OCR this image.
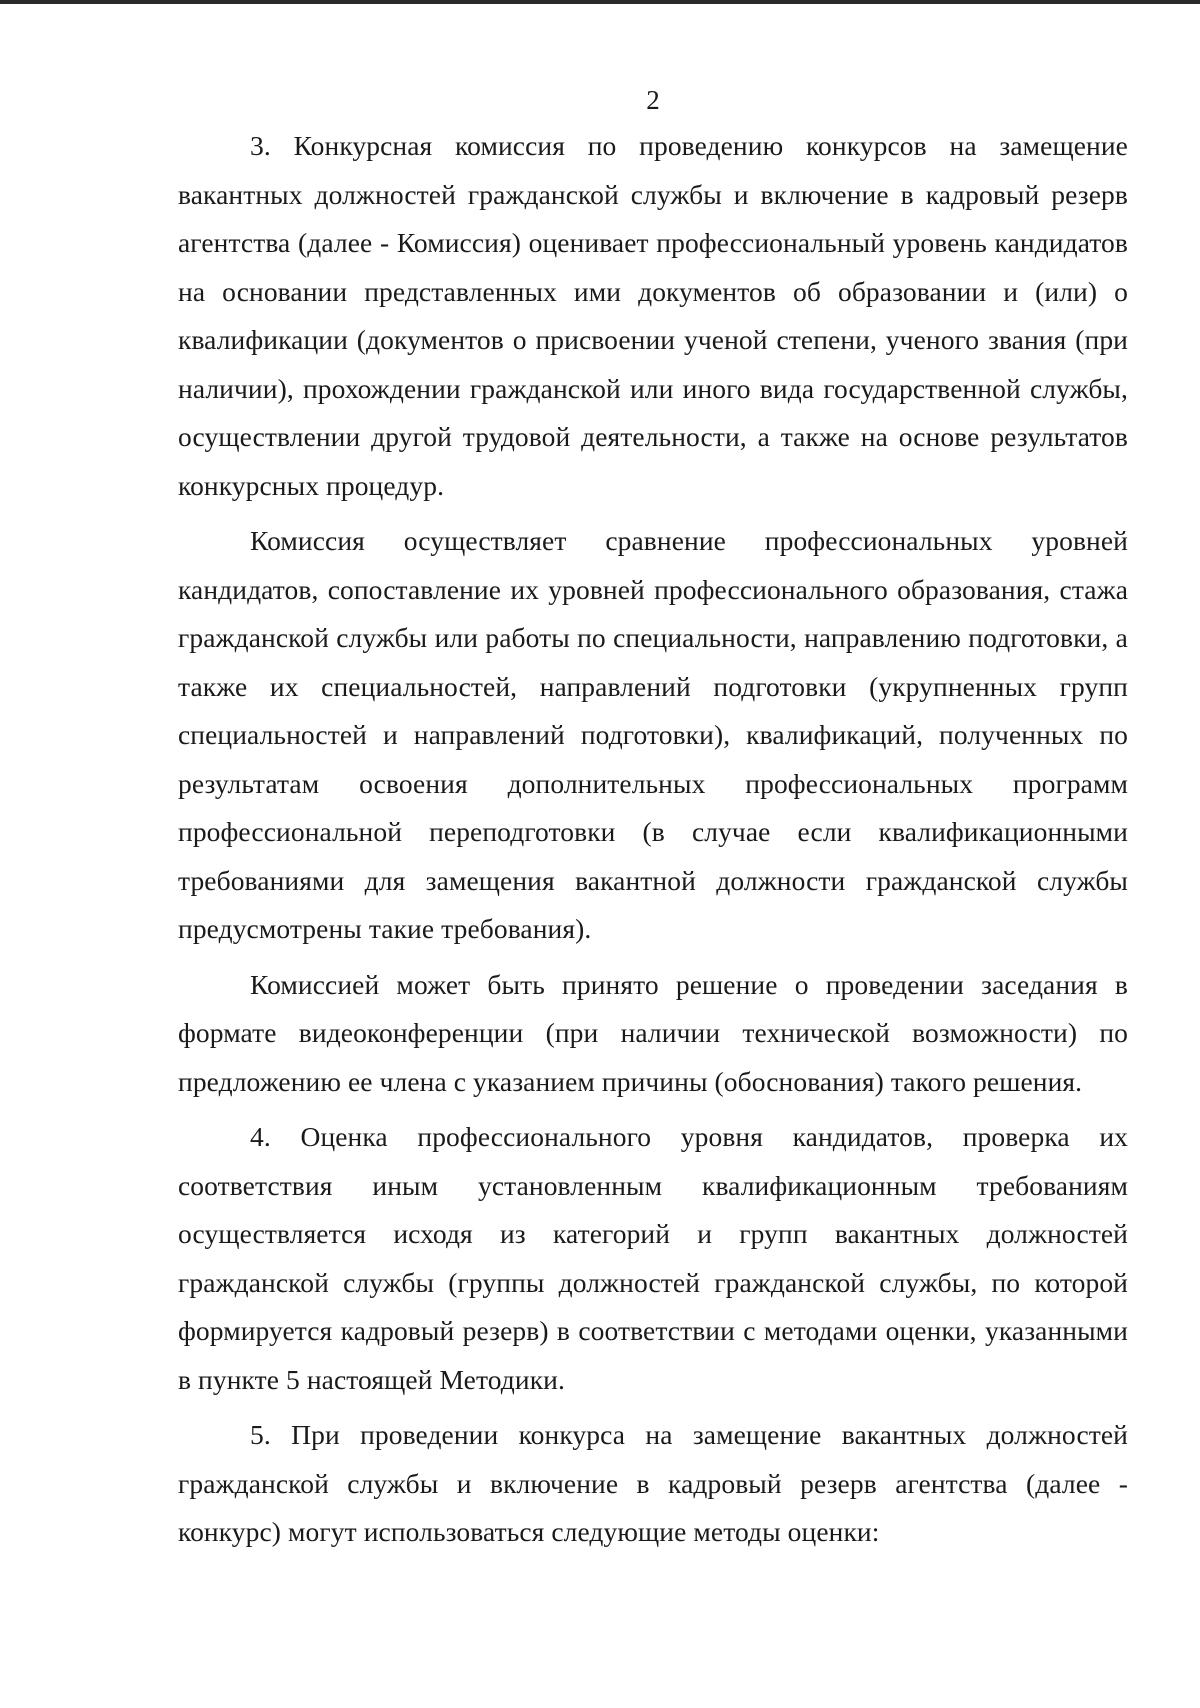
2

3. Конкурсная комиссия по проведению конкурсов на замещение вакантных должностей гражданской службы и включение в кадровый резерв агентства (далее - Комиссия) оценивает профессиональный уровень кандидатов на основании представленных ими документов об образовании и (или) о квалификации (документов о присвоении ученой степени, ученого звания (при наличии), прохождении гражданской или иного вида государственной службы, осуществлении другой трудовой деятельности, а также на основе результатов конкурсных процедур.

Комиссия осуществляет сравнение профессиональных уровней кандидатов, сопоставление их уровней профессионального образования, стажа гражданской службы или работы по специальности, направлению подготовки, а также их специальностей, направлений подготовки (укрупненных групп специальностей и направлений подготовки), квалификаций, полученных по результатам освоения дополнительных профессиональных программ профессиональной переподготовки (в случае если квалификационными требованиями для замещения вакантной должности гражданской службы предусмотрены такие требования).

Комиссией может быть принято решение о проведении заседания в формате видеоконференции (при наличии технической возможности) по предложению ее члена с указанием причины (обоснования) такого решения.

4. Оценка профессионального уровня кандидатов, проверка их соответствия иным установленным квалификационным требованиям осуществляется исходя из категорий и групп вакантных должностей гражданской службы (группы должностей гражданской службы, по которой формируется кадровый резерв) в соответствии с методами оценки, указанными в пункте 5 настоящей Методики.

5. При проведении конкурса на замещение вакантных должностей гражданской службы и включение в кадровый резерв агентства (далее - конкурс) могут использоваться следующие методы оценки:
